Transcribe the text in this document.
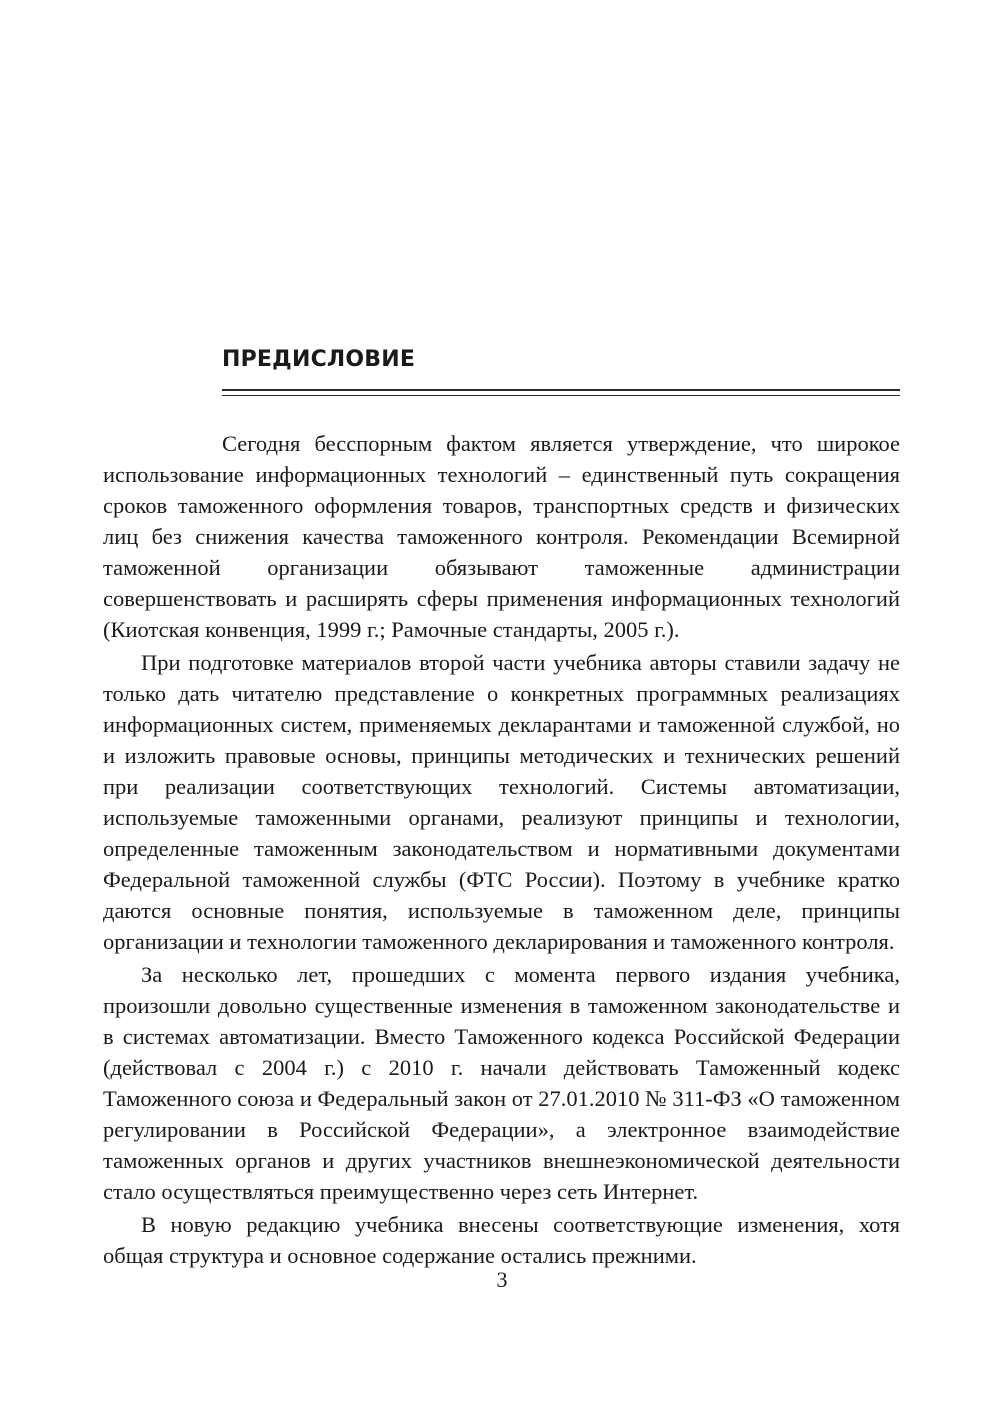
ПРЕДИСЛОВИЕ

Сегодня бесспорным фактом является утверждение, что широкое использование информационных технологий – единственный путь сокращения сроков таможенного оформления товаров, транспортных средств и физических лиц без снижения качества таможенного контроля. Рекомендации Всемирной таможенной организации обязывают таможенные администрации совершенствовать и расширять сферы применения информационных технологий (Киотская конвенция, 1999 г.; Рамочные стандарты, 2005 г.).

При подготовке материалов второй части учебника авторы ставили задачу не только дать читателю представление о конкретных программных реализациях информационных систем, применяемых декларантами и таможенной службой, но и изложить правовые основы, принципы методических и технических решений при реализации соответствующих технологий. Системы автоматизации, используемые таможенными органами, реализуют принципы и технологии, определенные таможенным законодательством и нормативными документами Федеральной таможенной службы (ФТС России). Поэтому в учебнике кратко даются основные понятия, используемые в таможенном деле, принципы организации и технологии таможенного декларирования и таможенного контроля.

За несколько лет, прошедших с момента первого издания учебника, произошли довольно существенные изменения в таможенном законодательстве и в системах автоматизации. Вместо Таможенного кодекса Российской Федерации (действовал с 2004 г.) с 2010 г. начали действовать Таможенный кодекс Таможенного союза и Федеральный закон от 27.01.2010 № 311-ФЗ «О таможенном регулировании в Российской Федерации», а электронное взаимодействие таможенных органов и других участников внешнеэкономической деятельности стало осуществляться преимущественно через сеть Интернет.

В новую редакцию учебника внесены соответствующие изменения, хотя общая структура и основное содержание остались прежними.

3
